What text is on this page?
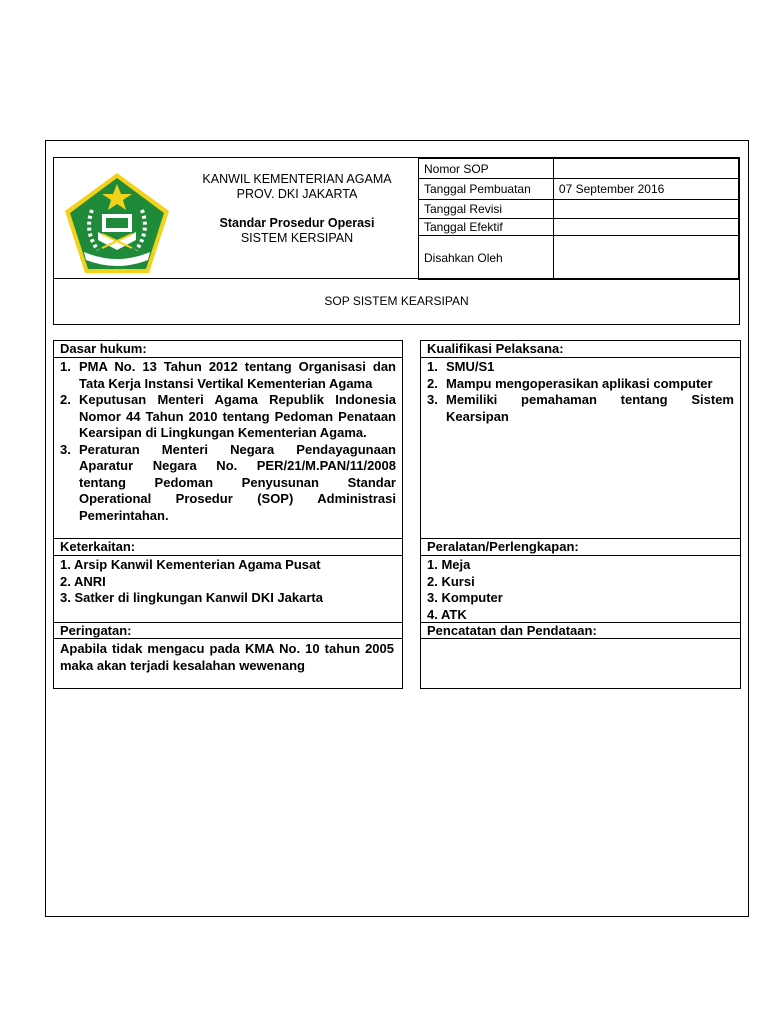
KANWIL KEMENTERIAN AGAMA
PROV. DKI JAKARTA
Standar Prosedur Operasi
SISTEM KERSIPAN
Nomor SOP	
Tanggal Pembuatan	07 September 2016
Tanggal Revisi	
Tanggal Efektif	
Disahkan Oleh	
SOP SISTEM KEARSIPAN
Dasar hukum:
1. PMA No. 13 Tahun 2012 tentang Organisasi dan Tata Kerja Instansi Vertikal Kementerian Agama
2. Keputusan Menteri Agama Republik Indonesia Nomor 44 Tahun 2010 tentang Pedoman Penataan Kearsipan di Lingkungan Kementerian Agama.
3. Peraturan Menteri Negara Pendayagunaan Aparatur Negara No. PER/21/M.PAN/11/2008 tentang Pedoman Penyusunan Standar Operational Prosedur (SOP) Administrasi Pemerintahan.
Keterkaitan:
1. Arsip Kanwil Kementerian Agama Pusat
2. ANRI
3. Satker di lingkungan Kanwil DKI Jakarta
Peringatan:
Apabila tidak mengacu pada KMA No. 10 tahun 2005 maka akan terjadi kesalahan wewenang
Kualifikasi Pelaksana:
1. SMU/S1
2. Mampu mengoperasikan aplikasi computer
3. Memiliki pemahaman tentang Sistem Kearsipan
Peralatan/Perlengkapan:
1. Meja
2. Kursi
3. Komputer
4. ATK
Pencatatan dan Pendataan:
